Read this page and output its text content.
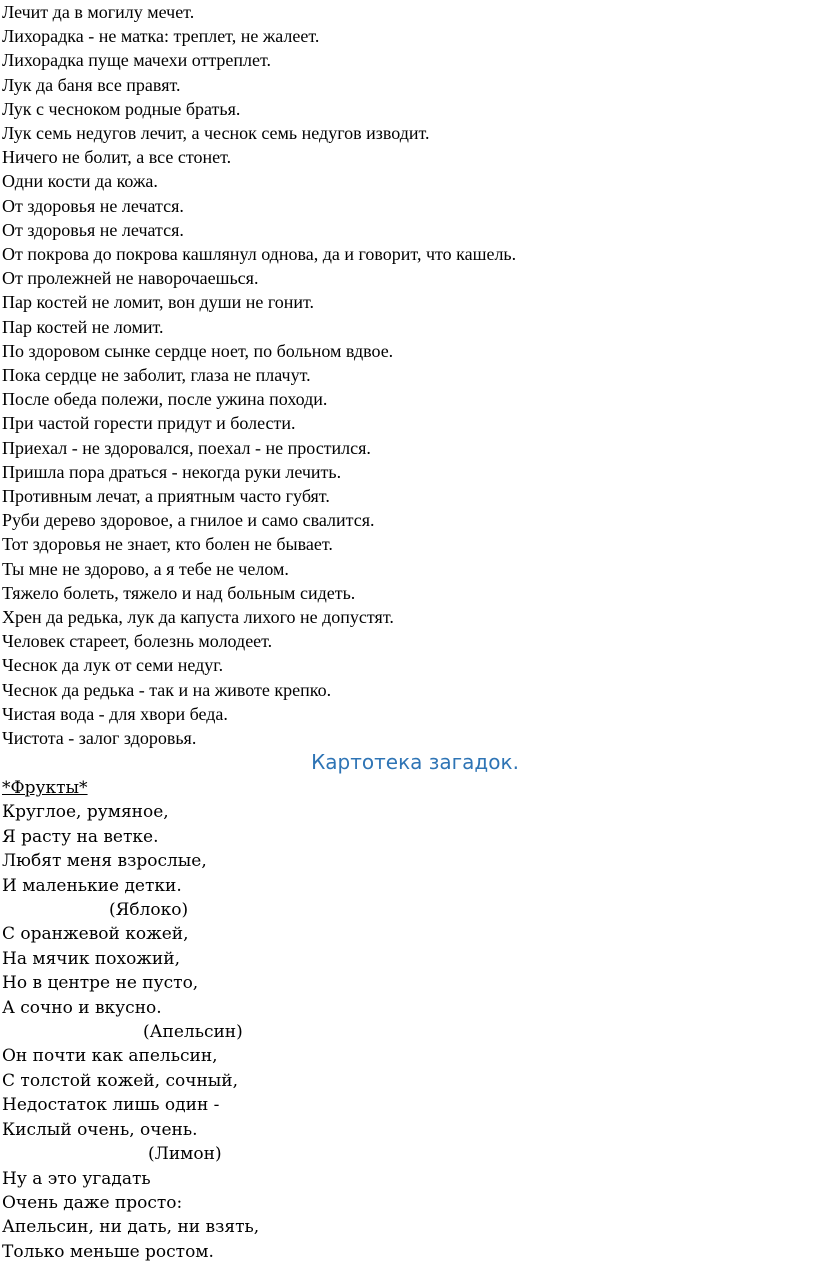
Лечит да в могилу мечет.
Лихорадка - не матка: треплет, не жалеет.
Лихорадка пуще мачехи оттреплет.
Лук да баня все правят.
Лук с чесноком родные братья.
Лук семь недугов лечит, а чеснок семь недугов изводит.
Ничего не болит, а все стонет.
Одни кости да кожа.
От здоровья не лечатся.
От здоровья не лечатся.
От покрова до покрова кашлянул однова, да и говорит, что кашель.
От пролежней не наворочаешься.
Пар костей не ломит, вон души не гонит.
Пар костей не ломит.
По здоровом сынке сердце ноет, по больном вдвое.
Пока сердце не заболит, глаза не плачут.
После обеда полежи, после ужина походи.
При частой горести придут и болести.
Приехал - не здоровался, поехал - не простился.
Пришла пора драться - некогда руки лечить.
Противным лечат, а приятным часто губят.
Руби дерево здоровое, а гнилое и само свалится.
Тот здоровья не знает, кто болен не бывает.
Ты мне не здорово, а я тебе не челом.
Тяжело болеть, тяжело и над больным сидеть.
Хрен да редька, лук да капуста лихого не допустят.
Человек стареет, болезнь молодеет.
Чеснок да лук от семи недуг.
Чеснок да редька - так и на животе крепко.
Чистая вода - для хвори беда.
Чистота - залог здоровья.
Картотека загадок.
*Фрукты*
Круглое, румяное,
Я расту на ветке.
Любят меня взрослые,
И маленькие детки.
(Яблоко)
С оранжевой кожей,
На мячик похожий,
Но в центре не пусто,
А сочно и вкусно.
(Апельсин)
Он почти как апельсин,
С толстой кожей, сочный,
Недостаток лишь один -
Кислый очень, очень.
(Лимон)
Ну а это угадать
Очень даже просто:
Апельсин, ни дать, ни взять,
Только меньше ростом.
